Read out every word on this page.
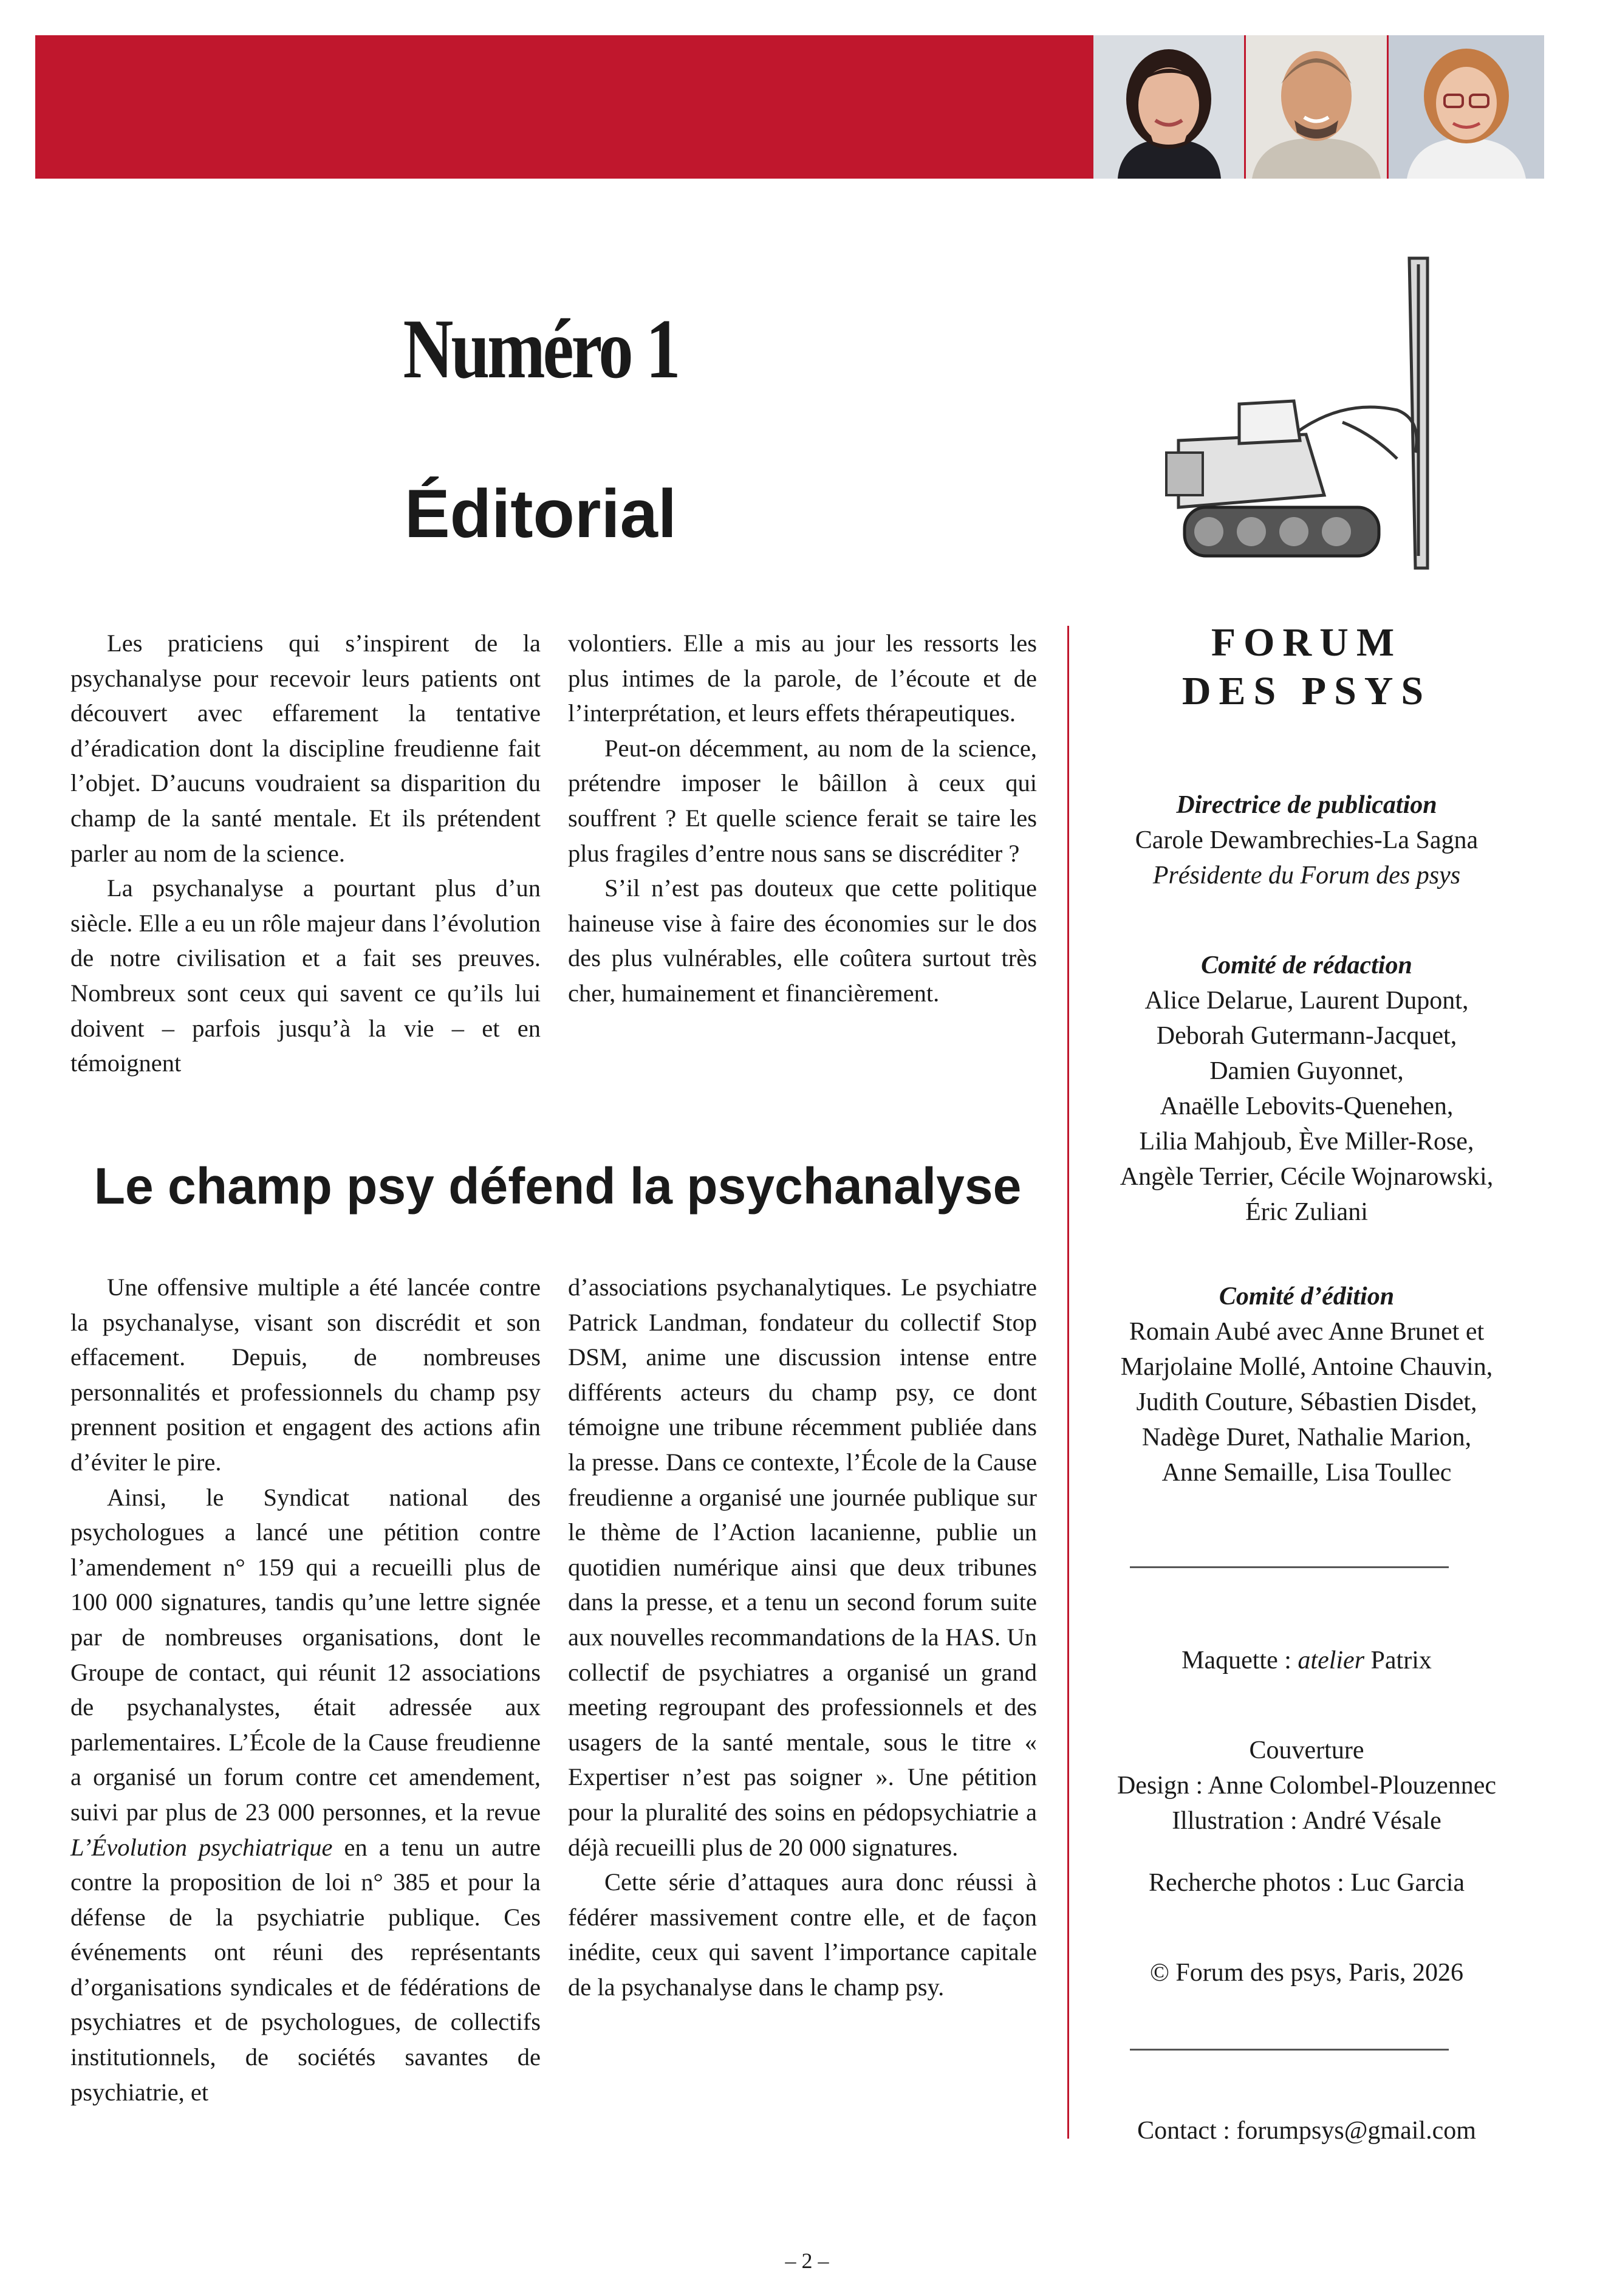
Numéro 1
Éditorial

Les praticiens qui s’inspirent de la psychanalyse pour recevoir leurs patients ont découvert avec effarement la tentative d’éradication dont la discipline freudienne fait l’objet. D’aucuns voudraient sa disparition du champ de la santé mentale. Et ils prétendent parler au nom de la science.

La psychanalyse a pourtant plus d’un siècle. Elle a eu un rôle majeur dans l’évolution de notre civilisation et a fait ses preuves. Nombreux sont ceux qui savent ce qu’ils lui doivent – parfois jusqu’à la vie – et en témoignent

volontiers. Elle a mis au jour les ressorts les plus intimes de la parole, de l’écoute et de l’interprétation, et leurs effets thérapeutiques.

Peut-on décemment, au nom de la science, prétendre imposer le bâillon à ceux qui souffrent ? Et quelle science ferait se taire les plus fragiles d’entre nous sans se discréditer ?

S’il n’est pas douteux que cette politique haineuse vise à faire des économies sur le dos des plus vulnérables, elle coûtera surtout très cher, humainement et financièrement.

Le champ psy défend la psychanalyse

Une offensive multiple a été lancée contre la psychanalyse, visant son discrédit et son effacement. Depuis, de nombreuses personnalités et professionnels du champ psy prennent position et engagent des actions afin d’éviter le pire.

Ainsi, le Syndicat national des psychologues a lancé une pétition contre l’amendement n° 159 qui a recueilli plus de 100 000 signatures, tandis qu’une lettre signée par de nombreuses organisations, dont le Groupe de contact, qui réunit 12 associations de psychanalystes, était adressée aux parlementaires. L’École de la Cause freudienne a organisé un forum contre cet amendement, suivi par plus de 23 000 personnes, et la revue L’Évolution psychiatrique en a tenu un autre contre la proposition de loi n° 385 et pour la défense de la psychiatrie publique. Ces événements ont réuni des représentants d’organisations syndicales et de fédérations de psychiatres et de psychologues, de collectifs institutionnels, de sociétés savantes de psychiatrie, et

d’associations psychanalytiques. Le psychiatre Patrick Landman, fondateur du collectif Stop DSM, anime une discussion intense entre différents acteurs du champ psy, ce dont témoigne une tribune récemment publiée dans la presse. Dans ce contexte, l’École de la Cause freudienne a organisé une journée publique sur le thème de l’Action lacanienne, publie un quotidien numérique ainsi que deux tribunes dans la presse, et a tenu un second forum suite aux nouvelles recommandations de la HAS. Un collectif de psychiatres a organisé un grand meeting regroupant des professionnels et des usagers de la santé mentale, sous le titre « Expertiser n’est pas soigner ». Une pétition pour la pluralité des soins en pédopsychiatrie a déjà recueilli plus de 20 000 signatures.

Cette série d’attaques aura donc réussi à fédérer massivement contre elle, et de façon inédite, ceux qui savent l’importance capitale de la psychanalyse dans le champ psy.

FORUM
DES PSYS
Directrice de publication
Carole Dewambrechies-La Sagna
Présidente du Forum des psys
Comité de rédaction
Alice Delarue, Laurent Dupont,
Deborah Gutermann-Jacquet,
Damien Guyonnet,
Anaëlle Lebovits-Quenehen,
Lilia Mahjoub, Ève Miller-Rose,
Angèle Terrier, Cécile Wojnarowski,
Éric Zuliani
Comité d’édition
Romain Aubé avec Anne Brunet et
Marjolaine Mollé, Antoine Chauvin,
Judith Couture, Sébastien Disdet,
Nadège Duret, Nathalie Marion,
Anne Semaille, Lisa Toullec
Maquette : atelier Patrix
Couverture
Design : Anne Colombel-Plouzennec
Illustration : André Vésale
Recherche photos : Luc Garcia
© Forum des psys, Paris, 2026
Contact : forumpsys@gmail.com
– 2 –
